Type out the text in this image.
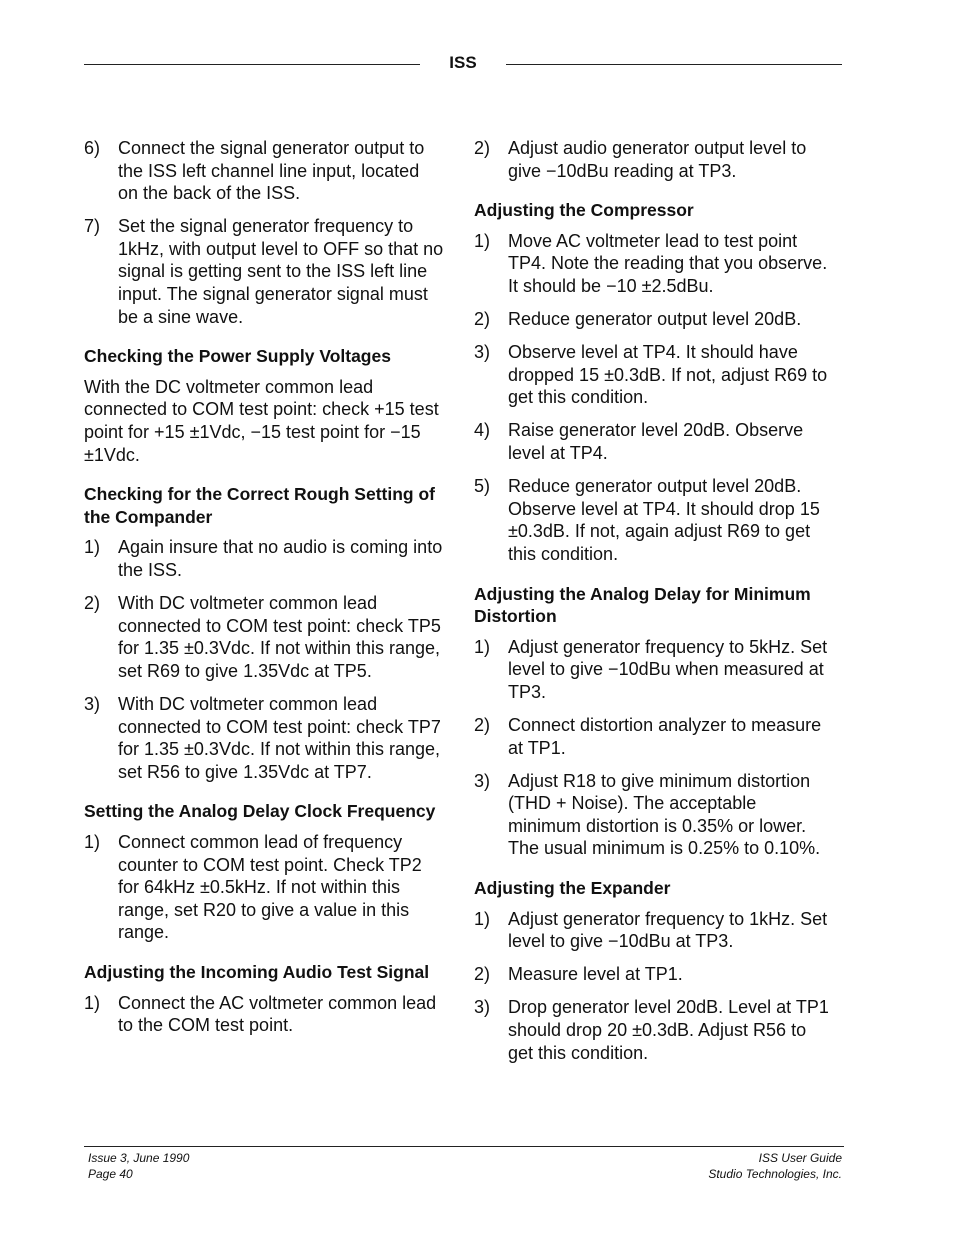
ISS
6) Connect the signal generator output to the ISS left channel line input, located on the back of the ISS.
7) Set the signal generator frequency to 1kHz, with output level to OFF so that no signal is getting sent to the ISS left line input. The signal generator signal must be a sine wave.
Checking the Power Supply Voltages
With the DC voltmeter common lead connected to COM test point: check +15 test point for +15 ±1Vdc, −15 test point for −15 ±1Vdc.
Checking for the Correct Rough Setting of the Compander
1) Again insure that no audio is coming into the ISS.
2) With DC voltmeter common lead connected to COM test point: check TP5 for 1.35 ±0.3Vdc. If not within this range, set R69 to give 1.35Vdc at TP5.
3) With DC voltmeter common lead connected to COM test point: check TP7 for 1.35 ±0.3Vdc. If not within this range, set R56 to give 1.35Vdc at TP7.
Setting the Analog Delay Clock Frequency
1) Connect common lead of frequency counter to COM test point. Check TP2 for 64kHz ±0.5kHz. If not within this range, set R20 to give a value in this range.
Adjusting the Incoming Audio Test Signal
1) Connect the AC voltmeter common lead to the COM test point.
2) Adjust audio generator output level to give −10dBu reading at TP3.
Adjusting the Compressor
1) Move AC voltmeter lead to test point TP4. Note the reading that you observe. It should be −10 ±2.5dBu.
2) Reduce generator output level 20dB.
3) Observe level at TP4. It should have dropped 15 ±0.3dB. If not, adjust R69 to get this condition.
4) Raise generator level 20dB. Observe level at TP4.
5) Reduce generator output level 20dB. Observe level at TP4. It should drop 15 ±0.3dB. If not, again adjust R69 to get this condition.
Adjusting the Analog Delay for Minimum Distortion
1) Adjust generator frequency to 5kHz. Set level to give −10dBu when measured at TP3.
2) Connect distortion analyzer to measure at TP1.
3) Adjust R18 to give minimum distortion (THD + Noise). The acceptable minimum distortion is 0.35% or lower. The usual minimum is 0.25% to 0.10%.
Adjusting the Expander
1) Adjust generator frequency to 1kHz. Set level to give −10dBu at TP3.
2) Measure level at TP1.
3) Drop generator level 20dB. Level at TP1 should drop 20 ±0.3dB. Adjust R56 to get this condition.
Issue 3, June 1990
Page 40
ISS User Guide
Studio Technologies, Inc.
